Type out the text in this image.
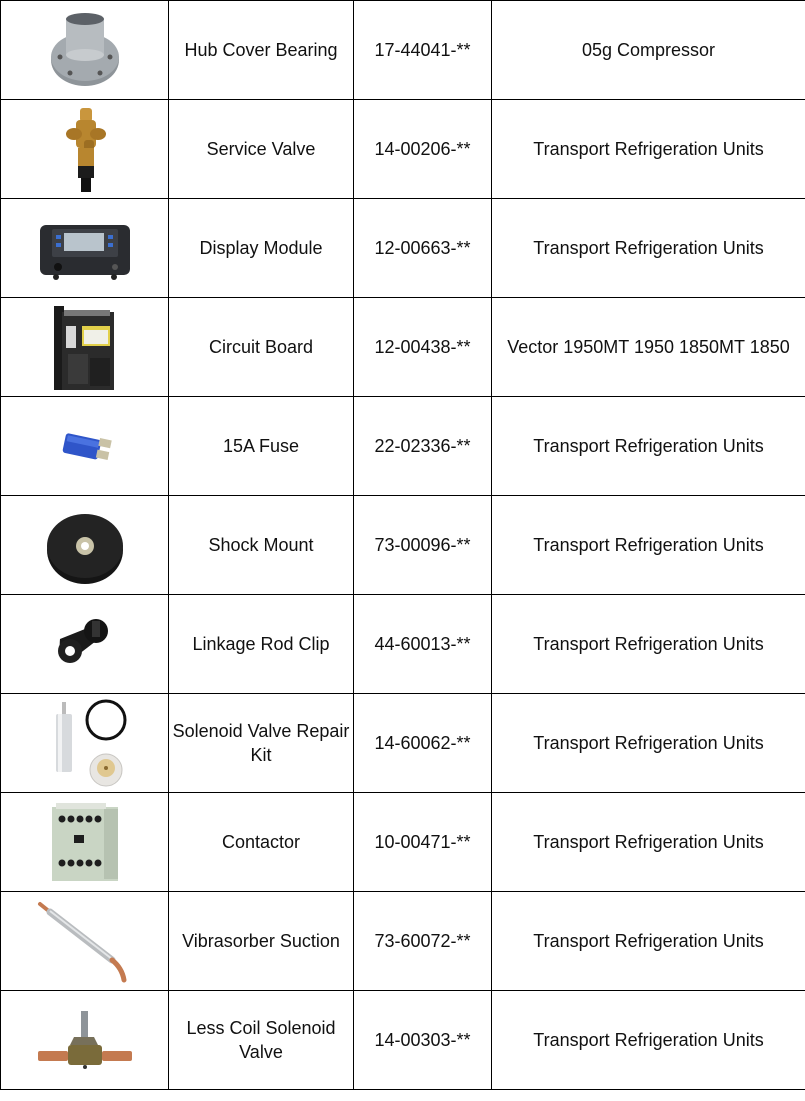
	Hub Cover Bearing	17-44041-**	05g Compressor

	Service Valve	14-00206-**	Transport Refrigeration Units

	Display Module	12-00663-**	Transport Refrigeration Units

	Circuit Board	12-00438-**	Vector 1950MT 1950 1850MT 1850

	15A Fuse	22-02336-**	Transport Refrigeration Units

	Shock Mount	73-00096-**	Transport Refrigeration Units

	Linkage Rod Clip	44-60013-**	Transport Refrigeration Units

	Solenoid Valve Repair Kit	14-60062-**	Transport Refrigeration Units

	Contactor	10-00471-**	Transport Refrigeration Units

	Vibrasorber Suction	73-60072-**	Transport Refrigeration Units

	Less Coil Solenoid Valve	14-00303-**	Transport Refrigeration Units
